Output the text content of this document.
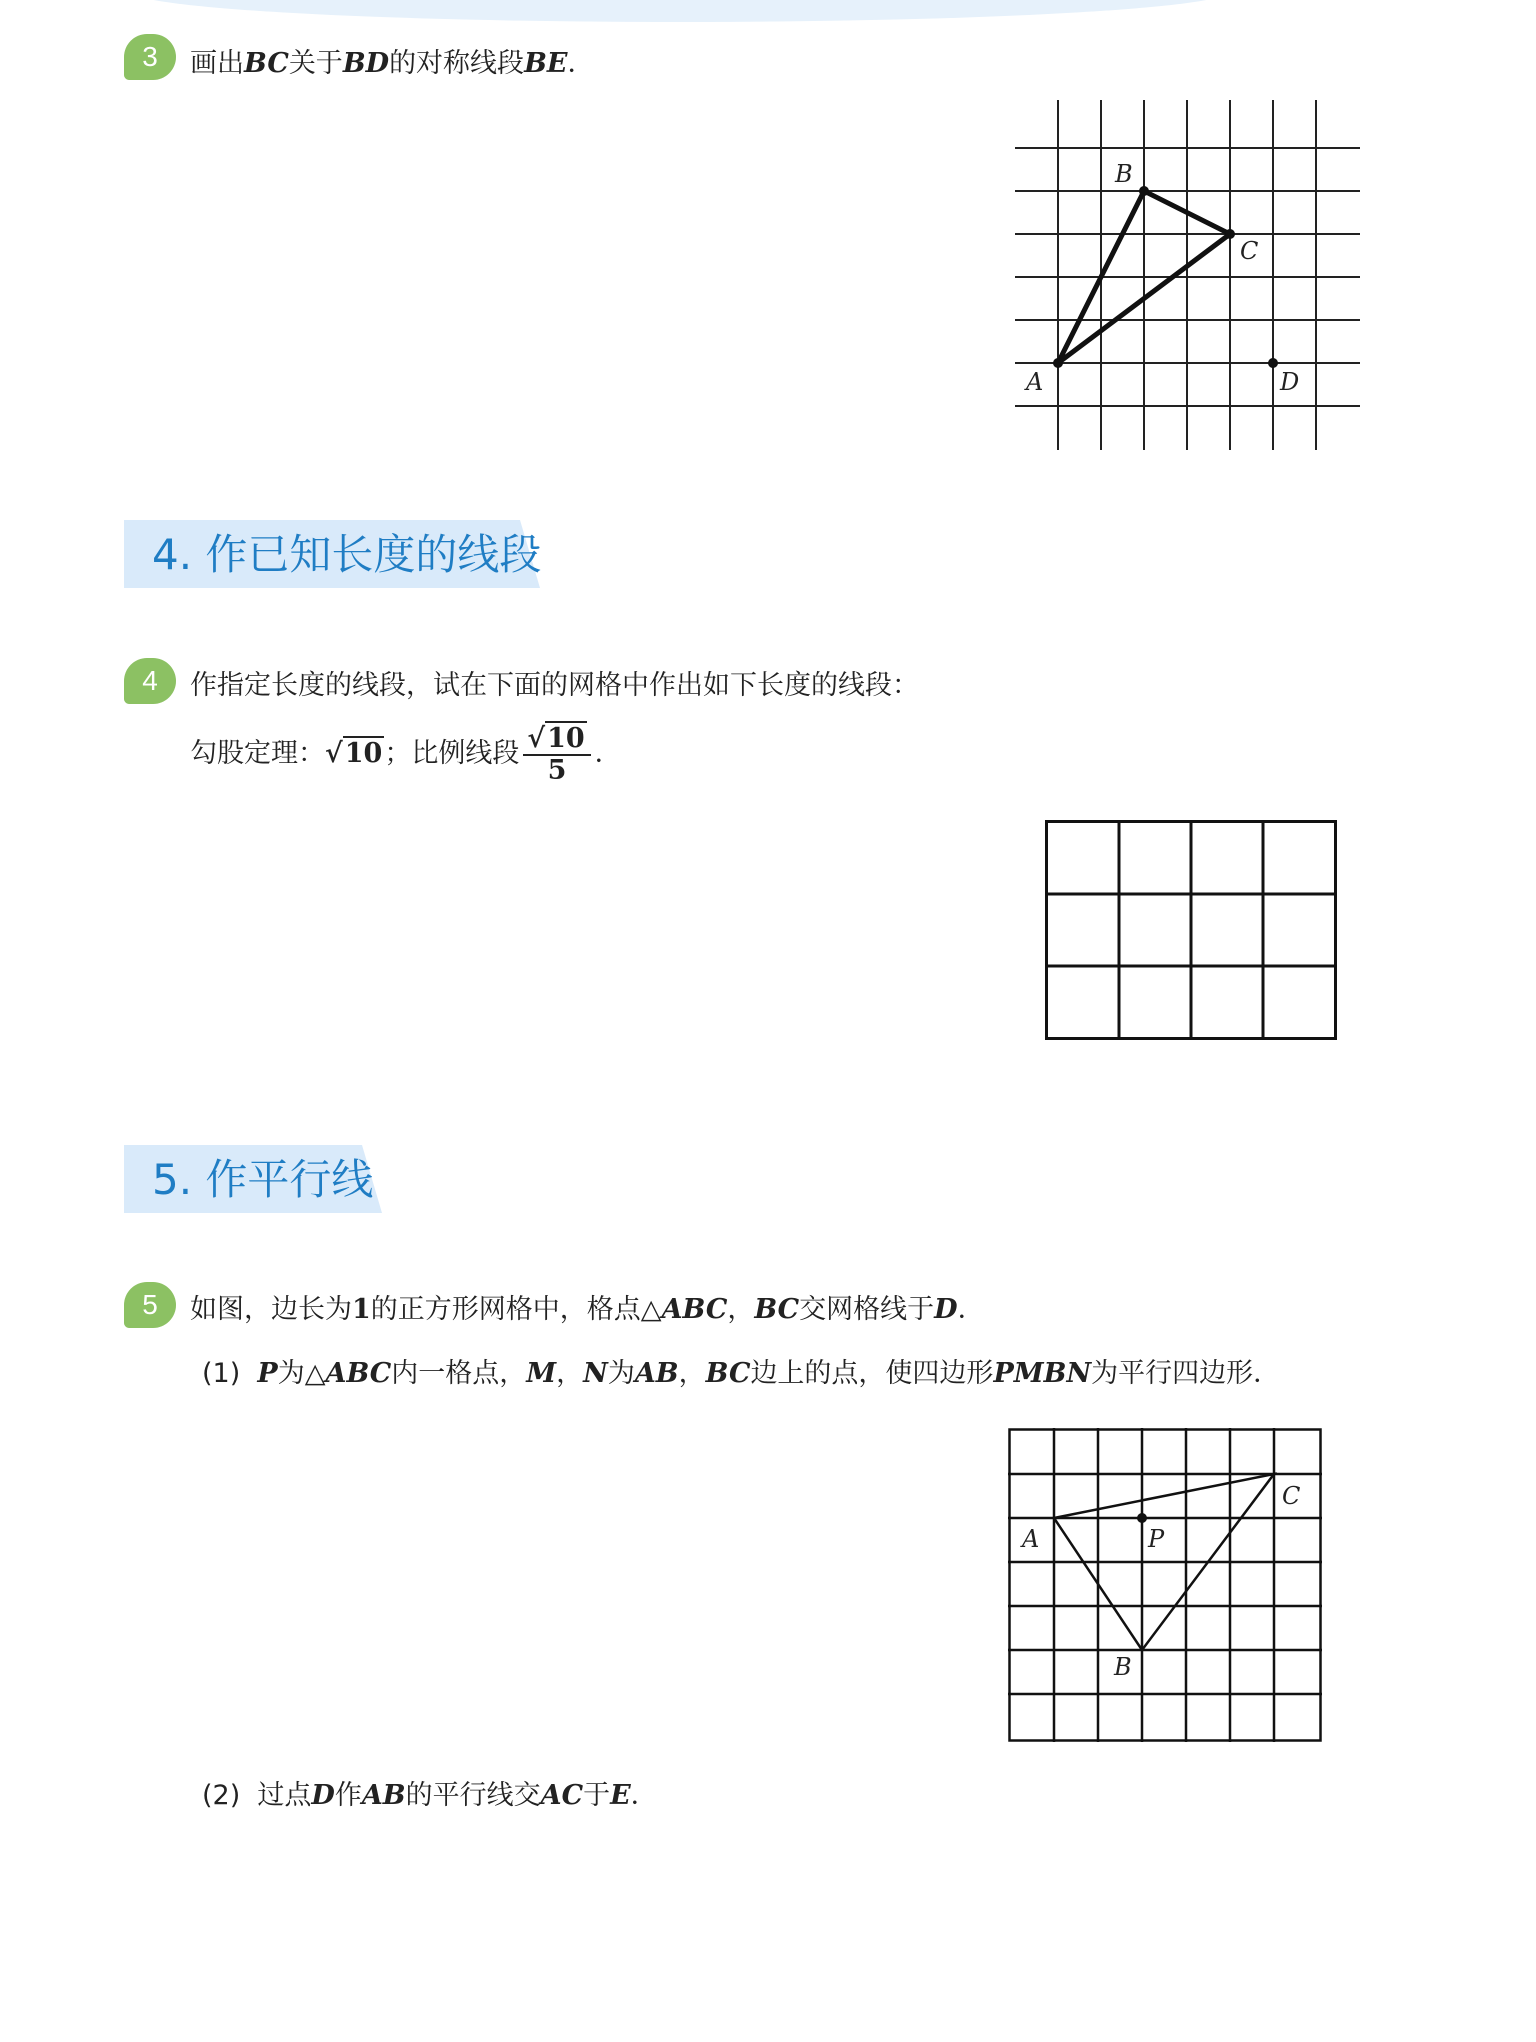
3	画出BC关于BD的对称线段BE．
A
B
C
D
4. 作已知长度的线段
4	作指定长度的线段，试在下面的网格中作出如下长度的线段：
勾股定理：√10；比例线段 $\frac{√10}{5}$ ．
5. 作平行线
5	如图，边长为1的正方形网格中，格点△ABC，BC交网格线于D．
(1) P为△ABC内一格点，M，N为AB，BC边上的点，使四边形PMBN为平行四边形．
A
B
C
P
(2) 过点D作AB的平行线交AC于E．
